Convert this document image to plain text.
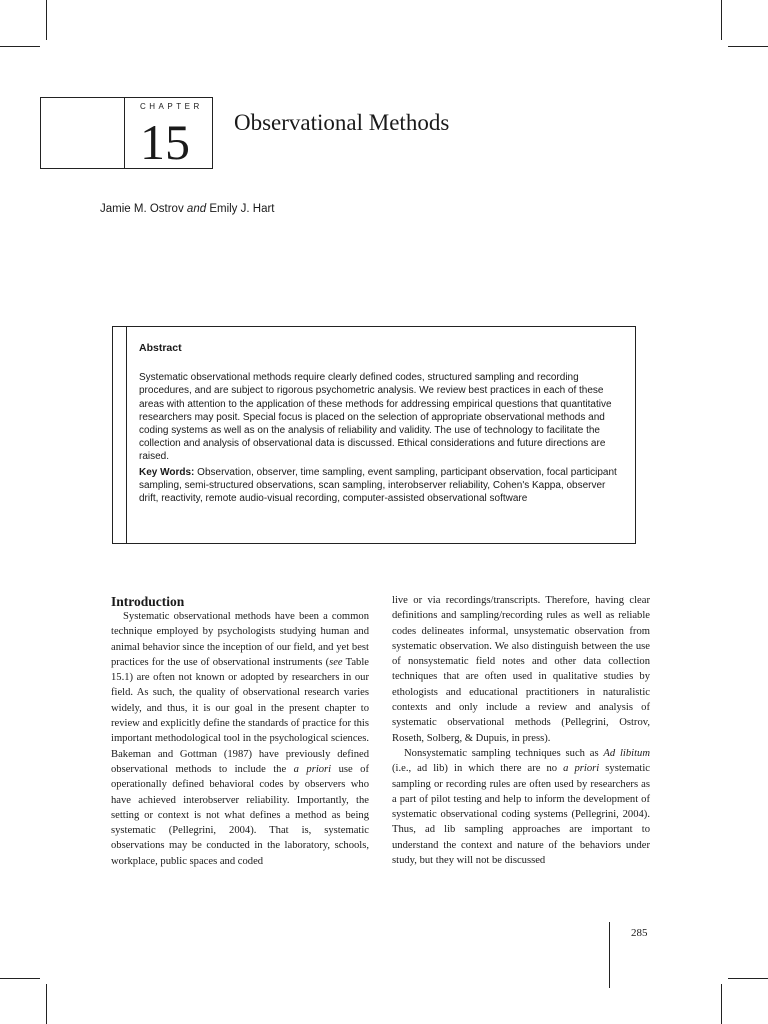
CHAPTER
15 Observational Methods
Jamie M. Ostrov and Emily J. Hart
Abstract

Systematic observational methods require clearly defined codes, structured sampling and recording procedures, and are subject to rigorous psychometric analysis. We review best practices in each of these areas with attention to the application of these methods for addressing empirical questions that quantitative researchers may posit. Special focus is placed on the selection of appropriate observational methods and coding systems as well as on the analysis of reliability and validity. The use of technology to facilitate the collection and analysis of observational data is discussed. Ethical considerations and future directions are raised.

Key Words: Observation, observer, time sampling, event sampling, participant observation, focal participant sampling, semi-structured observations, scan sampling, interobserver reliability, Cohen's Kappa, observer drift, reactivity, remote audio-visual recording, computer-assisted observational software

Introduction

Systematic observational methods have been a common technique employed by psychologists studying human and animal behavior since the inception of our field, and yet best practices for the use of observational instruments (see Table 15.1) are often not known or adopted by researchers in our field. As such, the quality of observational research varies widely, and thus, it is our goal in the present chapter to review and explicitly define the standards of practice for this important methodological tool in the psychological sciences. Bakeman and Gottman (1987) have previously defined observational methods to include the a priori use of operationally defined behavioral codes by observers who have achieved interobserver reliability. Importantly, the setting or context is not what defines a method as being systematic (Pellegrini, 2004). That is, systematic observations may be conducted in the laboratory, schools, workplace, public spaces and coded

live or via recordings/transcripts. Therefore, having clear definitions and sampling/recording rules as well as reliable codes delineates informal, unsystematic observation from systematic observation. We also distinguish between the use of nonsystematic field notes and other data collection techniques that are often used in qualitative studies by ethologists and educational practitioners in naturalistic contexts and only include a review and analysis of systematic observational methods (Pellegrini, Ostrov, Roseth, Solberg, & Dupuis, in press).

Nonsystematic sampling techniques such as Ad libitum (i.e., ad lib) in which there are no a priori systematic sampling or recording rules are often used by researchers as a part of pilot testing and help to inform the development of systematic observational coding systems (Pellegrini, 2004). Thus, ad lib sampling approaches are important to understand the context and nature of the behaviors under study, but they will not be discussed

285
